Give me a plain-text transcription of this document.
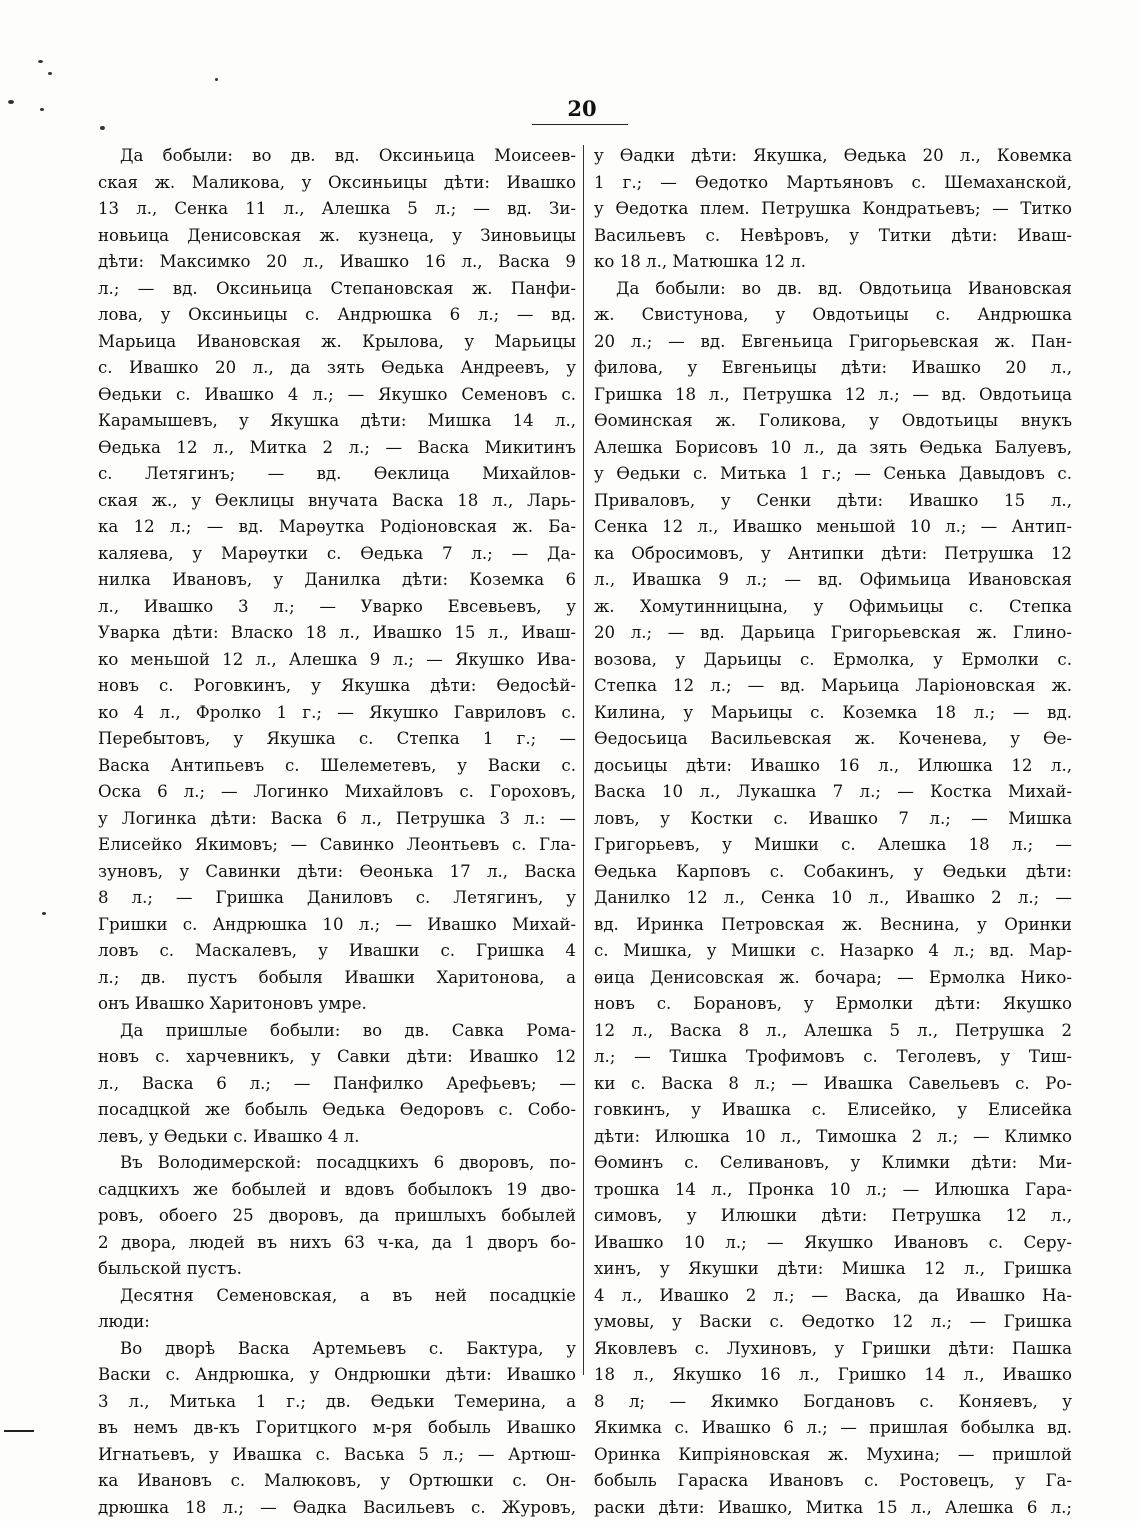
20
Да бобыли: во дв. вд. Оксиньица Моисеев-
ская ж. Маликова, у Оксиньицы дѣти: Ивашко
13 л., Сенка 11 л., Алешка 5 л.; — вд. Зи-
новьица Денисовская ж. кузнеца, у Зиновьицы
дѣти: Максимко 20 л., Ивашко 16 л., Васка 9
л.; — вд. Оксиньица Степановская ж. Панфи-
лова, у Оксиньицы с. Андрюшка 6 л.; — вд.
Марьица Ивановская ж. Крылова, у Марьицы
с. Ивашко 20 л., да зять Ѳедька Андреевъ, у
Ѳедьки с. Ивашко 4 л.; — Якушко Семеновъ с.
Карамышевъ, у Якушка дѣти: Мишка 14 л.,
Ѳедька 12 л., Митка 2 л.; — Васка Микитинъ
с. Летягинъ; — вд. Ѳеклица Михайлов-
ская ж., у Ѳеклицы внучата Васка 18 л., Ларь-
ка 12 л.; — вд. Марѳутка Родіоновская ж. Ба-
каляева, у Марѳутки с. Ѳедька 7 л.; — Да-
нилка Ивановъ, у Данилка дѣти: Коземка 6
л., Ивашко 3 л.; — Уварко Евсевьевъ, у
Уварка дѣти: Власко 18 л., Ивашко 15 л., Иваш-
ко меньшой 12 л., Алешка 9 л.; — Якушко Ива-
новъ с. Роговкинъ, у Якушка дѣти: Ѳедосѣй-
ко 4 л., Фролко 1 г.; — Якушко Гавриловъ с.
Перебытовъ, у Якушка с. Степка 1 г.; —
Васка Антипьевъ с. Шелеметевъ, у Васки с.
Оска 6 л.; — Логинко Михайловъ с. Гороховъ,
у Логинка дѣти: Васка 6 л., Петрушка 3 л.: —
Елисейко Якимовъ; — Савинко Леонтьевъ с. Гла-
зуновъ, у Савинки дѣти: Ѳеонька 17 л., Васка
8 л.; — Гришка Даниловъ с. Летягинъ, у
Гришки с. Андрюшка 10 л.; — Ивашко Михай-
ловъ с. Маскалевъ, у Ивашки с. Гришка 4
л.; дв. пустъ бобыля Ивашки Харитонова, а
онъ Ивашко Харитоновъ умре.
Да пришлые бобыли: во дв. Савка Рома-
новъ с. харчевникъ, у Савки дѣти: Ивашко 12
л., Васка 6 л.; — Панфилко Арефьевъ; —
посадцкой же бобыль Ѳедька Ѳедоровъ с. Собо-
левъ, у Ѳедьки с. Ивашко 4 л.
Въ Володимерской: посадцкихъ 6 дворовъ, по-
садцкихъ же бобылей и вдовъ бобылокъ 19 дво-
ровъ, обоего 25 дворовъ, да пришлыхъ бобылей
2 двора, людей въ нихъ 63 ч-ка, да 1 дворъ бо-
быльской пустъ.
Десятня Семеновская, а въ ней посадцкіе
люди:
Во дворѣ Васка Артемьевъ с. Бактура, у
Васки с. Андрюшка, у Ондрюшки дѣти: Ивашко
3 л., Митька 1 г.; дв. Ѳедьки Темерина, а
въ немъ дв-къ Горитцкого м-ря бобыль Ивашко
Игнатьевъ, у Ивашка с. Васька 5 л.; — Артюш-
ка Ивановъ с. Малюковъ, у Ортюшки с. Он-
дрюшка 18 л.; — Ѳадка Васильевъ с. Журовъ,
у Ѳадки дѣти: Якушка, Ѳедька 20 л., Ковемка
1 г.; — Ѳедотко Мартьяновъ с. Шемаханской,
у Ѳедотка плем. Петрушка Кондратьевъ; — Титко
Васильевъ с. Невѣровъ, у Титки дѣти: Иваш-
ко 18 л., Матюшка 12 л.
Да бобыли: во дв. вд. Овдотьица Ивановская
ж. Свистунова, у Овдотьицы с. Андрюшка
20 л.; — вд. Евгеньица Григорьевская ж. Пан-
филова, у Евгеньицы дѣти: Ивашко 20 л.,
Гришка 18 л., Петрушка 12 л.; — вд. Овдотьица
Ѳоминская ж. Голикова, у Овдотьицы внукъ
Алешка Борисовъ 10 л., да зять Ѳедька Балуевъ,
у Ѳедьки с. Митька 1 г.; — Сенька Давыдовъ с.
Приваловъ, у Сенки дѣти: Ивашко 15 л.,
Сенка 12 л., Ивашко меньшой 10 л.; — Антип-
ка Обросимовъ, у Антипки дѣти: Петрушка 12
л., Ивашка 9 л.; — вд. Офимьица Ивановская
ж. Хомутинницына, у Офимьицы с. Степка
20 л.; — вд. Дарьица Григорьевская ж. Глино-
возова, у Дарьицы с. Ермолка, у Ермолки с.
Степка 12 л.; — вд. Марьица Ларіоновская ж.
Килина, у Марьицы с. Коземка 18 л.; — вд.
Ѳедосьица Васильевская ж. Коченева, у Ѳе-
досьицы дѣти: Ивашко 16 л., Илюшка 12 л.,
Васка 10 л., Лукашка 7 л.; — Костка Михай-
ловъ, у Костки с. Ивашко 7 л.; — Мишка
Григорьевъ, у Мишки с. Алешка 18 л.; —
Ѳедька Карповъ с. Собакинъ, у Ѳедьки дѣти:
Данилко 12 л., Сенка 10 л., Ивашко 2 л.; —
вд. Иринка Петровская ж. Веснина, у Оринки
с. Мишка, у Мишки с. Назарко 4 л.; вд. Мар-
ѳица Денисовская ж. бочара; — Ермолка Нико-
новъ с. Борановъ, у Ермолки дѣти: Якушко
12 л., Васка 8 л., Алешка 5 л., Петрушка 2
л.; — Тишка Трофимовъ с. Теголевъ, у Тиш-
ки с. Васка 8 л.; — Ивашка Савельевъ с. Ро-
говкинъ, у Ивашка с. Елисейко, у Елисейка
дѣти: Илюшка 10 л., Тимошка 2 л.; — Климко
Ѳоминъ с. Селивановъ, у Климки дѣти: Ми-
трошка 14 л., Пронка 10 л.; — Илюшка Гара-
симовъ, у Илюшки дѣти: Петрушка 12 л.,
Ивашко 10 л.; — Якушко Ивановъ с. Серу-
хинъ, у Якушки дѣти: Мишка 12 л., Гришка
4 л., Ивашко 2 л.; — Васка, да Ивашко На-
умовы, у Васки с. Ѳедотко 12 л.; — Гришка
Яковлевъ с. Лухиновъ, у Гришки дѣти: Пашка
18 л., Якушко 16 л., Гришко 14 л., Ивашко
8 л; — Якимко Богдановъ с. Коняевъ, у
Якимка с. Ивашко 6 л.; — пришлая бобылка вд.
Оринка Кипріяновская ж. Мухина; — пришлой
бобыль Гараска Ивановъ с. Ростовецъ, у Га-
раски дѣти: Ивашко, Митка 15 л., Алешка 6 л.;
